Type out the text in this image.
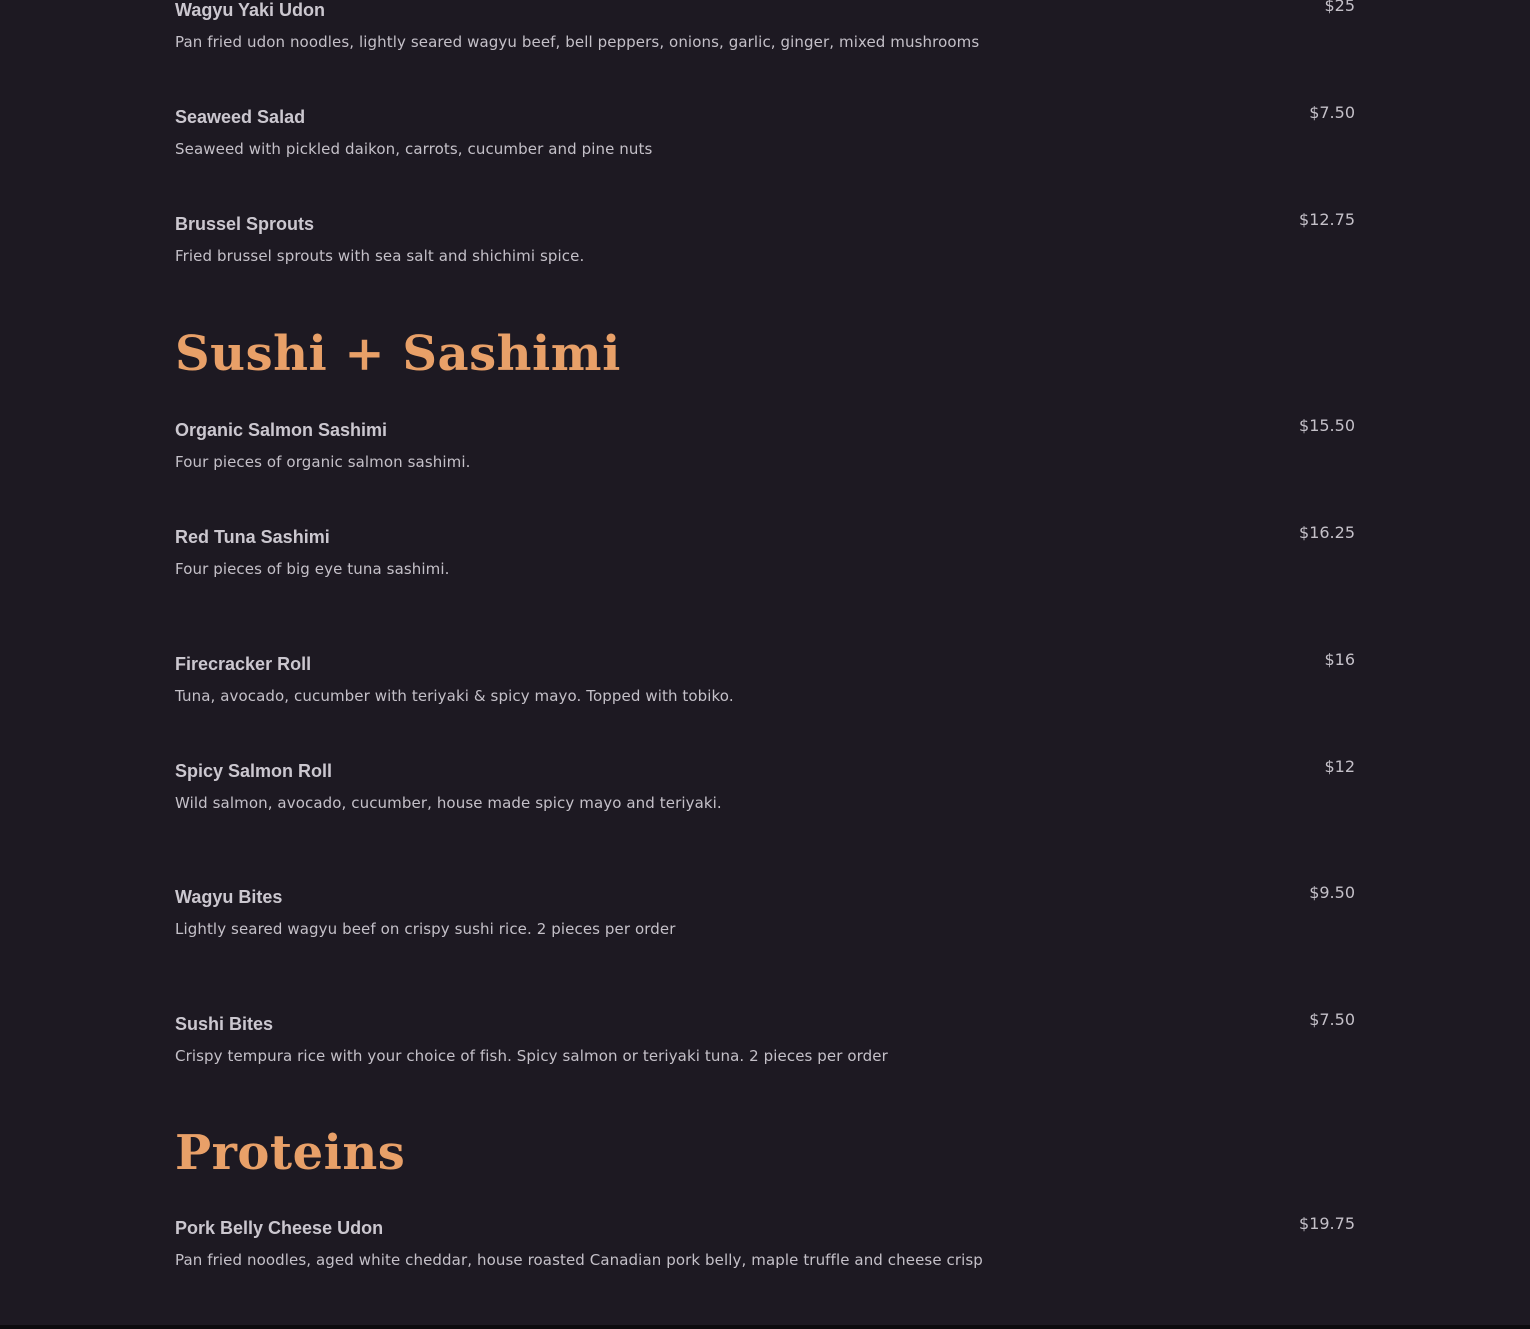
Wagyu Yaki Udon
Pan fried udon noodles, lightly seared wagyu beef, bell peppers, onions, garlic, ginger, mixed mushrooms
$25
Seaweed Salad
Seaweed with pickled daikon, carrots, cucumber and pine nuts
$7.50
Brussel Sprouts
Fried brussel sprouts with sea salt and shichimi spice.
$12.75
Sushi + Sashimi
Organic Salmon Sashimi
Four pieces of organic salmon sashimi.
$15.50
Red Tuna Sashimi
Four pieces of big eye tuna sashimi.
$16.25
Firecracker Roll
Tuna, avocado, cucumber with teriyaki & spicy mayo. Topped with tobiko.
$16
Spicy Salmon Roll
Wild salmon, avocado, cucumber, house made spicy mayo and teriyaki.
$12
Wagyu Bites
Lightly seared wagyu beef on crispy sushi rice. 2 pieces per order
$9.50
Sushi Bites
Crispy tempura rice with your choice of fish. Spicy salmon or teriyaki tuna. 2 pieces per order
$7.50
Proteins
Pork Belly Cheese Udon
Pan fried noodles, aged white cheddar, house roasted Canadian pork belly, maple truffle and cheese crisp
$19.75
